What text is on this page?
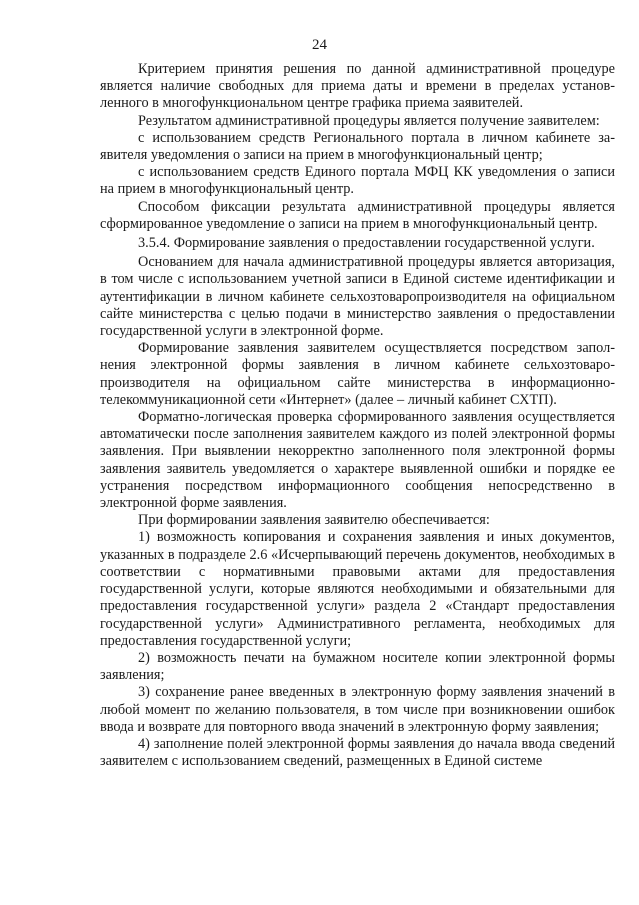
24

Критерием принятия решения по данной административной процедуре является наличие свободных для приема даты и времени в пределах установленного в многофункциональном центре графика приема заявителей.

Результатом административной процедуры является получение заявителем:

с использованием средств Регионального портала в личном кабинете заявителя уведомления о записи на прием в многофункциональный центр;

с использованием средств Единого портала МФЦ КК уведомления о записи на прием в многофункциональный центр.

Способом фиксации результата административной процедуры является сформированное уведомление о записи на прием в многофункциональный центр.

3.5.4. Формирование заявления о предоставлении государственной услуги.

Основанием для начала административной процедуры является авторизация, в том числе с использованием учетной записи в Единой системе идентификации и аутентификации в личном кабинете сельхозтоваропроизводителя на официальном сайте министерства с целью подачи в министерство заявления о предоставлении государственной услуги в электронной форме.

Формирование заявления заявителем осуществляется посредством заполнения электронной формы заявления в личном кабинете сельхозтоваропроизводителя на официальном сайте министерства в информационно-телекоммуникационной сети «Интернет» (далее – личный кабинет СХТП).

Форматно-логическая проверка сформированного заявления осуществляется автоматически после заполнения заявителем каждого из полей электронной формы заявления. При выявлении некорректно заполненного поля электронной формы заявления заявитель уведомляется о характере выявленной ошибки и порядке ее устранения посредством информационного сообщения непосредственно в электронной форме заявления.

При формировании заявления заявителю обеспечивается:

1) возможность копирования и сохранения заявления и иных документов, указанных в подразделе 2.6 «Исчерпывающий перечень документов, необходимых в соответствии с нормативными правовыми актами для предоставления государственной услуги, которые являются необходимыми и обязательными для предоставления государственной услуги» раздела 2 «Стандарт предоставления государственной услуги» Административного регламента, необходимых для предоставления государственной услуги;

2) возможность печати на бумажном носителе копии электронной формы заявления;

3) сохранение ранее введенных в электронную форму заявления значений в любой момент по желанию пользователя, в том числе при возникновении ошибок ввода и возврате для повторного ввода значений в электронную форму заявления;

4) заполнение полей электронной формы заявления до начала ввода сведений заявителем с использованием сведений, размещенных в Единой системе
